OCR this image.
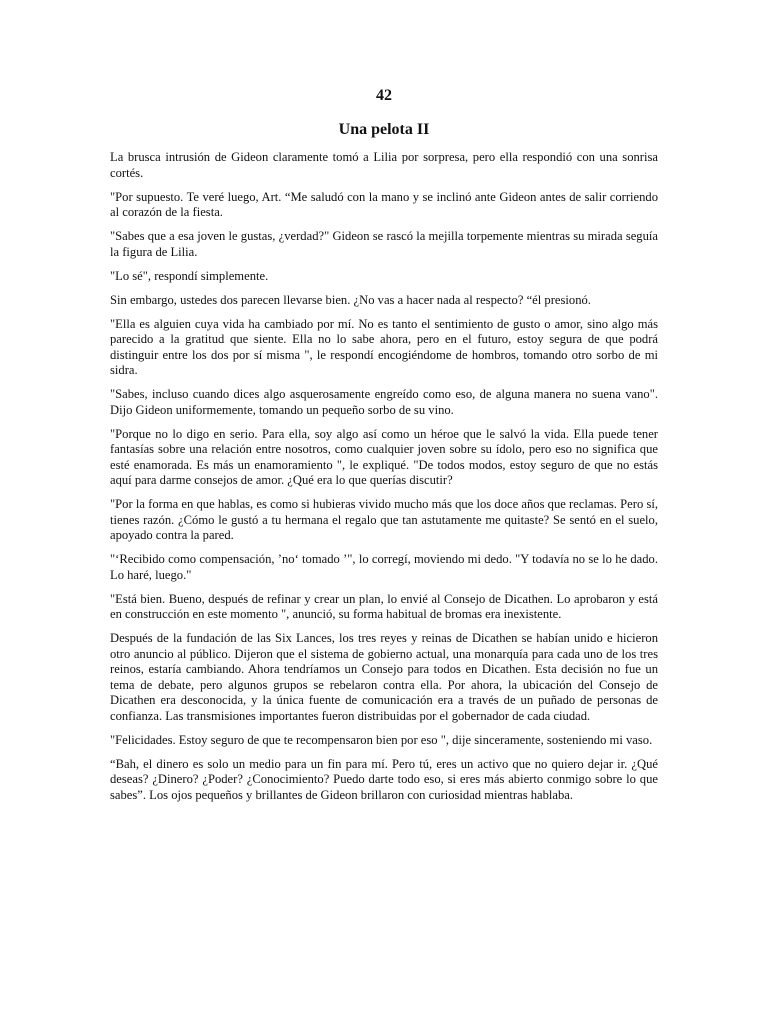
42
Una pelota II

La brusca intrusión de Gideon claramente tomó a Lilia por sorpresa, pero ella respondió con una sonrisa cortés.

"Por supuesto. Te veré luego, Art. “Me saludó con la mano y se inclinó ante Gideon antes de salir corriendo al corazón de la fiesta.

"Sabes que a esa joven le gustas, ¿verdad?" Gideon se rascó la mejilla torpemente mientras su mirada seguía la figura de Lilia.

"Lo sé", respondí simplemente.

Sin embargo, ustedes dos parecen llevarse bien. ¿No vas a hacer nada al respecto? “él presionó.

"Ella es alguien cuya vida ha cambiado por mí. No es tanto el sentimiento de gusto o amor, sino algo más parecido a la gratitud que siente. Ella no lo sabe ahora, pero en el futuro, estoy segura de que podrá distinguir entre los dos por sí misma ", le respondí encogiéndome de hombros, tomando otro sorbo de mi sidra.

"Sabes, incluso cuando dices algo asquerosamente engreído como eso, de alguna manera no suena vano". Dijo Gideon uniformemente, tomando un pequeño sorbo de su vino.

"Porque no lo digo en serio. Para ella, soy algo así como un héroe que le salvó la vida. Ella puede tener fantasías sobre una relación entre nosotros, como cualquier joven sobre su ídolo, pero eso no significa que esté enamorada. Es más un enamoramiento ", le expliqué. "De todos modos, estoy seguro de que no estás aquí para darme consejos de amor. ¿Qué era lo que querías discutir?

"Por la forma en que hablas, es como si hubieras vivido mucho más que los doce años que reclamas. Pero sí, tienes razón. ¿Cómo le gustó a tu hermana el regalo que tan astutamente me quitaste? Se sentó en el suelo, apoyado contra la pared.

"‘Recibido como compensación, ’no‘ tomado ’", lo corregí, moviendo mi dedo. "Y todavía no se lo he dado. Lo haré, luego."

"Está bien. Bueno, después de refinar y crear un plan, lo envié al Consejo de Dicathen. Lo aprobaron y está en construcción en este momento ", anunció, su forma habitual de bromas era inexistente.

Después de la fundación de las Six Lances, los tres reyes y reinas de Dicathen se habían unido e hicieron otro anuncio al público. Dijeron que el sistema de gobierno actual, una monarquía para cada uno de los tres reinos, estaría cambiando. Ahora tendríamos un Consejo para todos en Dicathen. Esta decisión no fue un tema de debate, pero algunos grupos se rebelaron contra ella. Por ahora, la ubicación del Consejo de Dicathen era desconocida, y la única fuente de comunicación era a través de un puñado de personas de confianza. Las transmisiones importantes fueron distribuidas por el gobernador de cada ciudad.

"Felicidades. Estoy seguro de que te recompensaron bien por eso ", dije sinceramente, sosteniendo mi vaso.

“Bah, el dinero es solo un medio para un fin para mí. Pero tú, eres un activo que no quiero dejar ir. ¿Qué deseas? ¿Dinero? ¿Poder? ¿Conocimiento? Puedo darte todo eso, si eres más abierto conmigo sobre lo que sabes”. Los ojos pequeños y brillantes de Gideon brillaron con curiosidad mientras hablaba.
